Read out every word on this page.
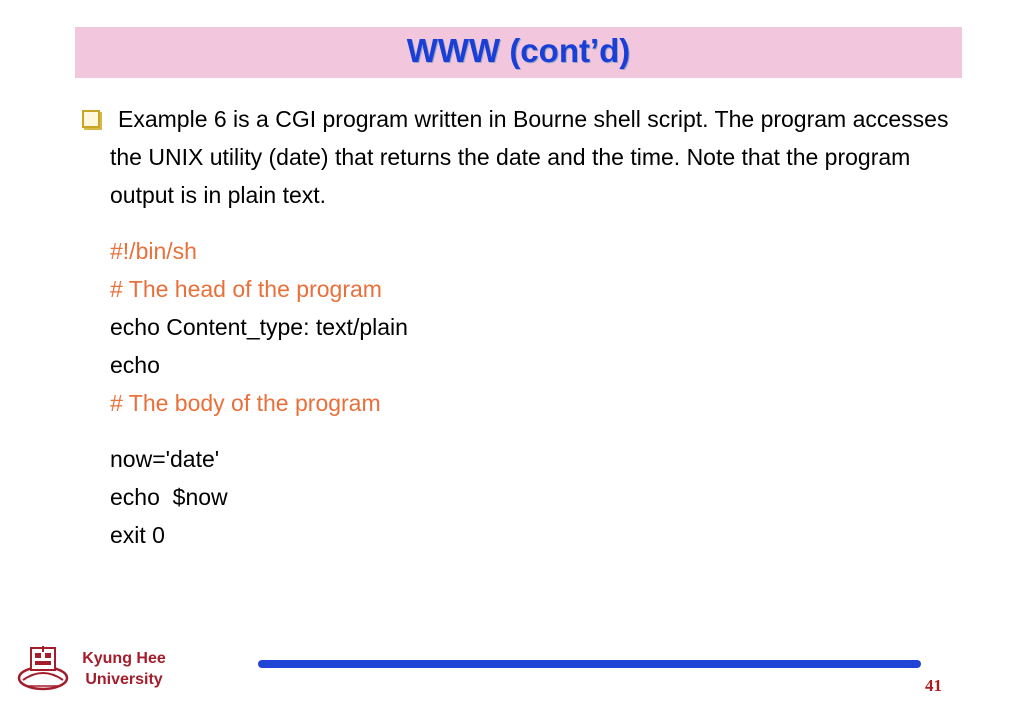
WWW (cont’d)
Example 6 is a CGI program written in Bourne shell script. The program accesses the UNIX utility (date) that returns the date and the time. Note that the program output is in plain text.
#!/bin/sh
# The head of the program
echo Content_type: text/plain
echo
# The body of the program
now='date'
echo  $now
exit 0
Kyung Hee
University	41
